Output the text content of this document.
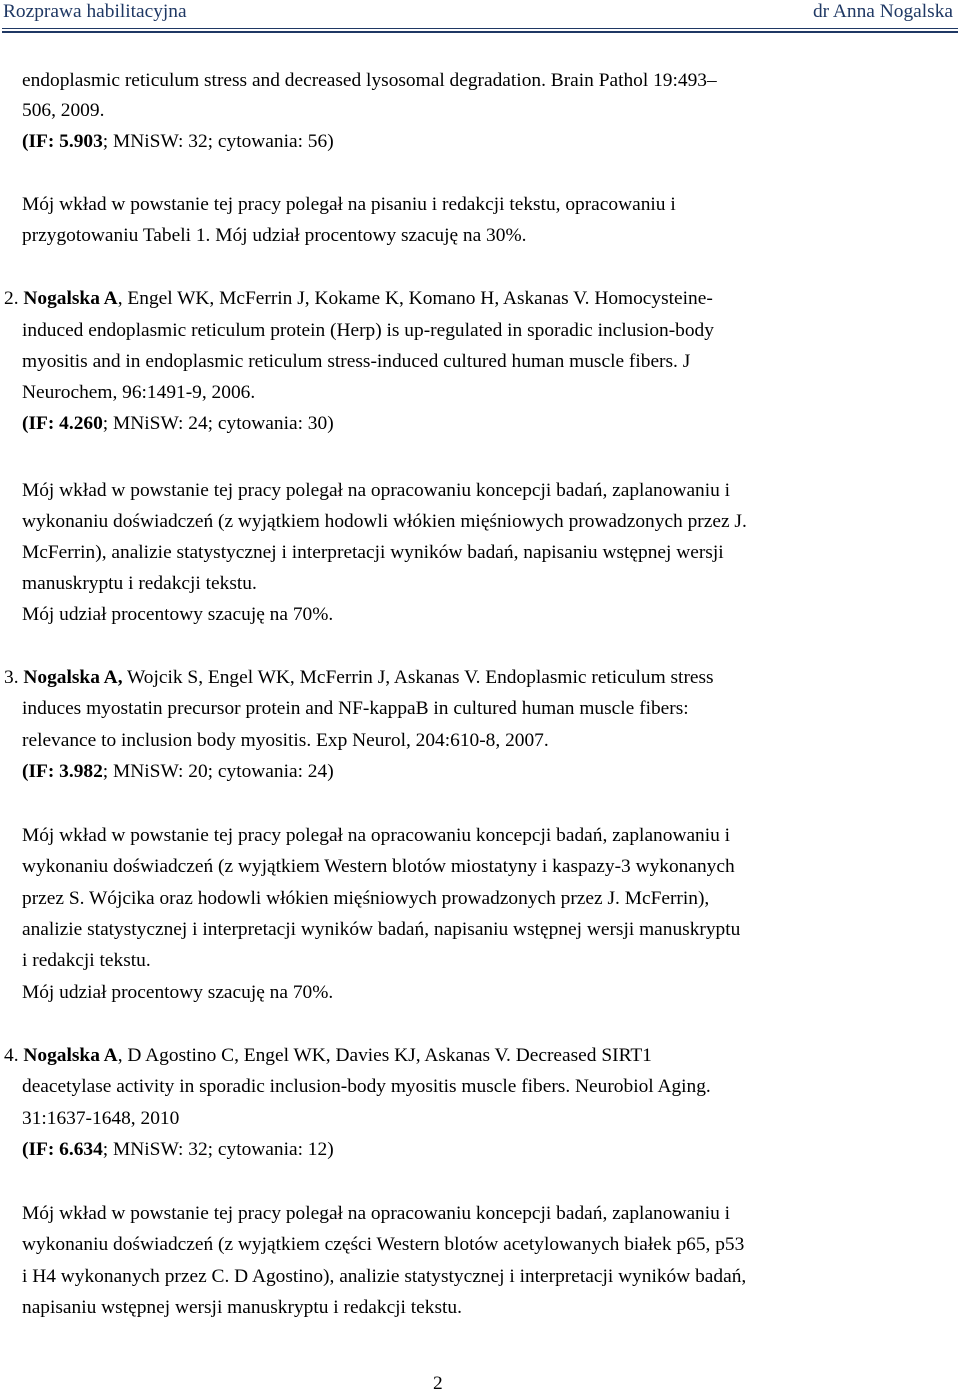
Rozprawa habilitacyjna	dr Anna Nogalska
endoplasmic reticulum stress and decreased lysosomal degradation. Brain Pathol 19:493–
506, 2009.
(IF: 5.903; MNiSW: 32; cytowania: 56)
Mój wkład w powstanie tej pracy polegał na pisaniu i redakcji tekstu, opracowaniu i
przygotowaniu Tabeli 1. Mój udział procentowy szacuję na 30%.
2. Nogalska A, Engel WK, McFerrin J, Kokame K, Komano H, Askanas V. Homocysteine-
induced endoplasmic reticulum protein (Herp) is up-regulated in sporadic inclusion-body
myositis and in endoplasmic reticulum stress-induced cultured human muscle fibers. J
Neurochem, 96:1491-9, 2006.
(IF: 4.260; MNiSW: 24; cytowania: 30)
Mój wkład w powstanie tej pracy polegał na opracowaniu koncepcji badań, zaplanowaniu i
wykonaniu doświadczeń (z wyjątkiem hodowli włókien mięśniowych prowadzonych przez J.
McFerrin), analizie statystycznej i interpretacji wyników badań, napisaniu wstępnej wersji
manuskryptu i redakcji tekstu.
Mój udział procentowy szacuję na 70%.
3. Nogalska A, Wojcik S, Engel WK, McFerrin J, Askanas V. Endoplasmic reticulum stress
induces myostatin precursor protein and NF-kappaB in cultured human muscle fibers:
relevance to inclusion body myositis. Exp Neurol, 204:610-8, 2007.
(IF: 3.982; MNiSW: 20; cytowania: 24)
Mój wkład w powstanie tej pracy polegał na opracowaniu koncepcji badań, zaplanowaniu i
wykonaniu doświadczeń (z wyjątkiem Western blotów miostatyny i kaspazy-3 wykonanych
przez S. Wójcika oraz hodowli włókien mięśniowych prowadzonych przez J. McFerrin),
analizie statystycznej i interpretacji wyników badań, napisaniu wstępnej wersji manuskryptu
i redakcji tekstu.
Mój udział procentowy szacuję na 70%.
4. Nogalska A, D Agostino C, Engel WK, Davies KJ, Askanas V. Decreased SIRT1
deacetylase activity in sporadic inclusion-body myositis muscle fibers. Neurobiol Aging.
31:1637-1648, 2010
(IF: 6.634; MNiSW: 32; cytowania: 12)
Mój wkład w powstanie tej pracy polegał na opracowaniu koncepcji badań, zaplanowaniu i
wykonaniu doświadczeń (z wyjątkiem części Western blotów acetylowanych białek p65, p53
i H4 wykonanych przez C. D Agostino), analizie statystycznej i interpretacji wyników badań,
napisaniu wstępnej wersji manuskryptu i redakcji tekstu.
2
